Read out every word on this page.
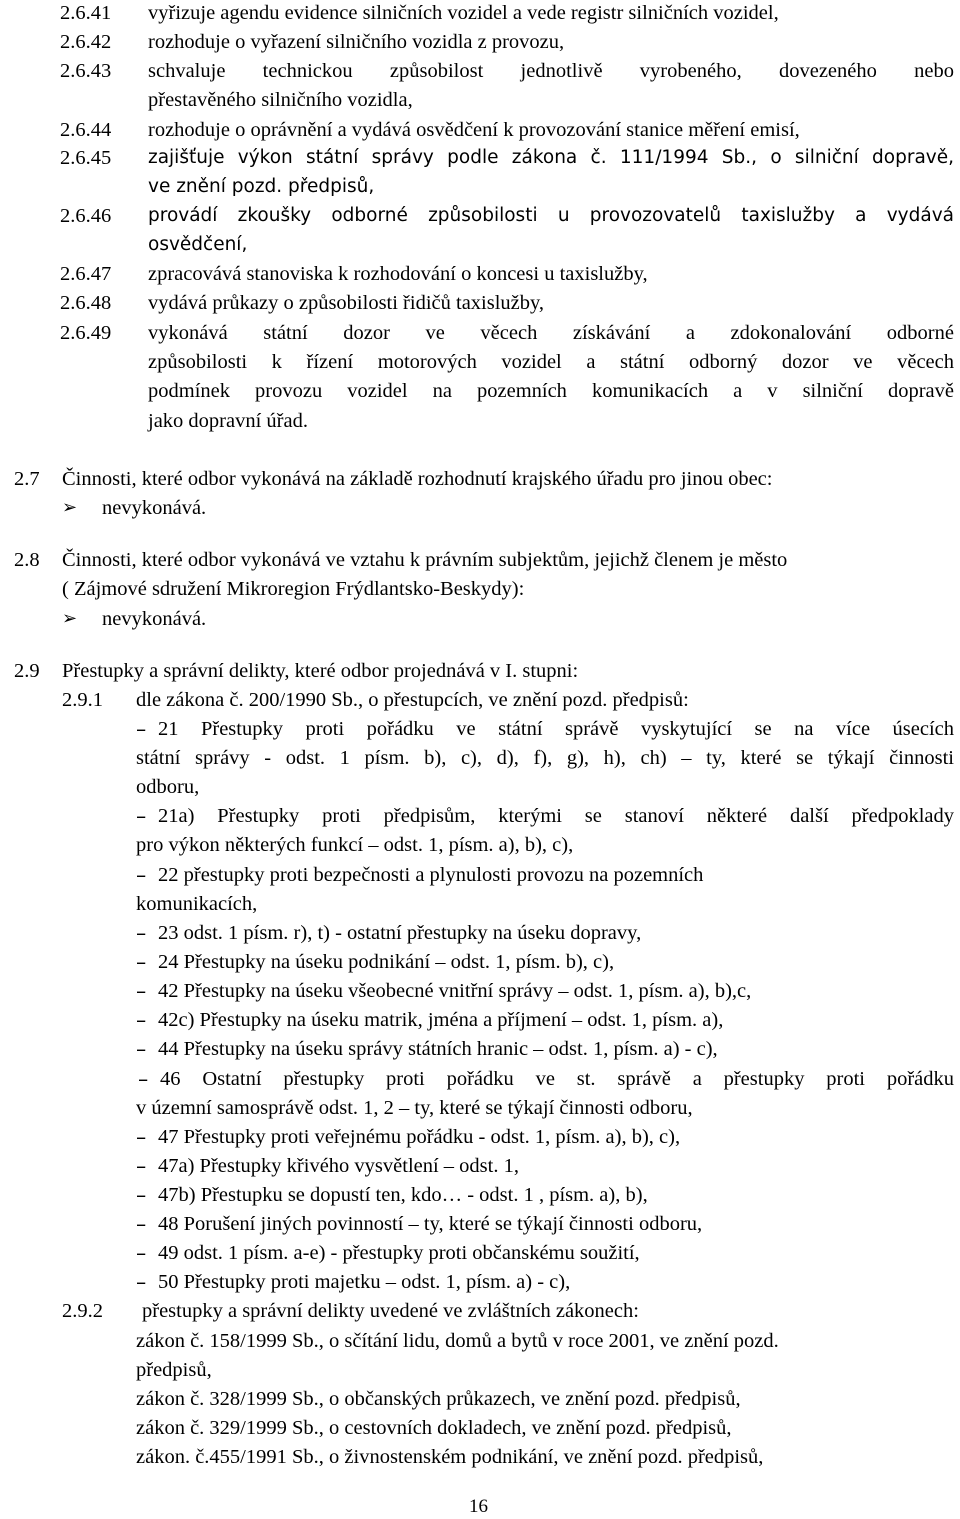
2.6.41 vyřizuje agendu evidence silničních vozidel a vede registr silničních vozidel,
2.6.42 rozhoduje o vyřazení silničního vozidla z provozu,
2.6.43 schvaluje technickou způsobilost jednotlivě vyrobeného, dovezeného nebo
přestavěného silničního vozidla,
2.6.44 rozhoduje o oprávnění a vydává osvědčení k provozování stanice měření emisí,
2.6.45 zajišťuje výkon státní správy podle zákona č. 111/1994 Sb., o silniční dopravě,
ve znění pozd. předpisů,
2.6.46 provádí zkoušky odborné způsobilosti u provozovatelů taxislužby a vydává
osvědčení,
2.6.47 zpracovává stanoviska k rozhodování o koncesi u taxislužby,
2.6.48 vydává průkazy o způsobilosti řidičů taxislužby,
2.6.49 vykonává státní dozor ve věcech získávání a zdokonalování odborné
způsobilosti k řízení motorových vozidel a státní odborný dozor ve věcech
podmínek provozu vozidel na pozemních komunikacích a v silniční dopravě
jako dopravní úřad.
2.7 Činnosti, které odbor vykonává na základě rozhodnutí krajského úřadu pro jinou obec:
➢ nevykonává.
2.8 Činnosti, které odbor vykonává ve vztahu k právním subjektům, jejichž členem je město
( Zájmové sdružení Mikroregion Frýdlantsko-Beskydy):
➢ nevykonává.
2.9 Přestupky a správní delikty, které odbor projednává v I. stupni:
2.9.1 dle zákona č. 200/1990 Sb., o přestupcích, ve znění pozd. předpisů:
– 21 Přestupky proti pořádku ve státní správě vyskytující se na více úsecích
státní správy - odst. 1 písm. b), c), d), f), g), h), ch) – ty, které se týkají činnosti
odboru,
– 21a) Přestupky proti předpisům, kterými se stanoví některé další předpoklady
pro výkon některých funkcí – odst. 1, písm. a), b), c),
– 22 přestupky proti bezpečnosti a plynulosti provozu na pozemních
komunikacích,
– 23 odst. 1 písm. r), t) - ostatní přestupky na úseku dopravy,
– 24 Přestupky na úseku podnikání – odst. 1, písm. b), c),
– 42 Přestupky na úseku všeobecné vnitřní správy – odst. 1, písm. a), b),c,
– 42c) Přestupky na úseku matrik, jména a příjmení – odst. 1, písm. a),
– 44 Přestupky na úseku správy státních hranic – odst. 1, písm. a) - c),
– 46 Ostatní přestupky proti pořádku ve st. správě a přestupky proti pořádku
v územní samosprávě odst. 1, 2 – ty, které se týkají činnosti odboru,
– 47 Přestupky proti veřejnému pořádku - odst. 1, písm. a), b), c),
– 47a) Přestupky křivého vysvětlení – odst. 1,
– 47b) Přestupku se dopustí ten, kdo… - odst. 1 , písm. a), b),
– 48 Porušení jiných povinností – ty, které se týkají činnosti odboru,
– 49 odst. 1 písm. a-e) - přestupky proti občanskému soužití,
– 50 Přestupky proti majetku – odst. 1, písm. a) - c),
2.9.2 přestupky a správní delikty uvedené ve zvláštních zákonech:
zákon č. 158/1999 Sb., o sčítání lidu, domů a bytů v roce 2001, ve znění pozd.
předpisů,
zákon č. 328/1999 Sb., o občanských průkazech, ve znění pozd. předpisů,
zákon č. 329/1999 Sb., o cestovních dokladech, ve znění pozd. předpisů,
zákon. č.455/1991 Sb., o živnostenském podnikání, ve znění pozd. předpisů,
16
